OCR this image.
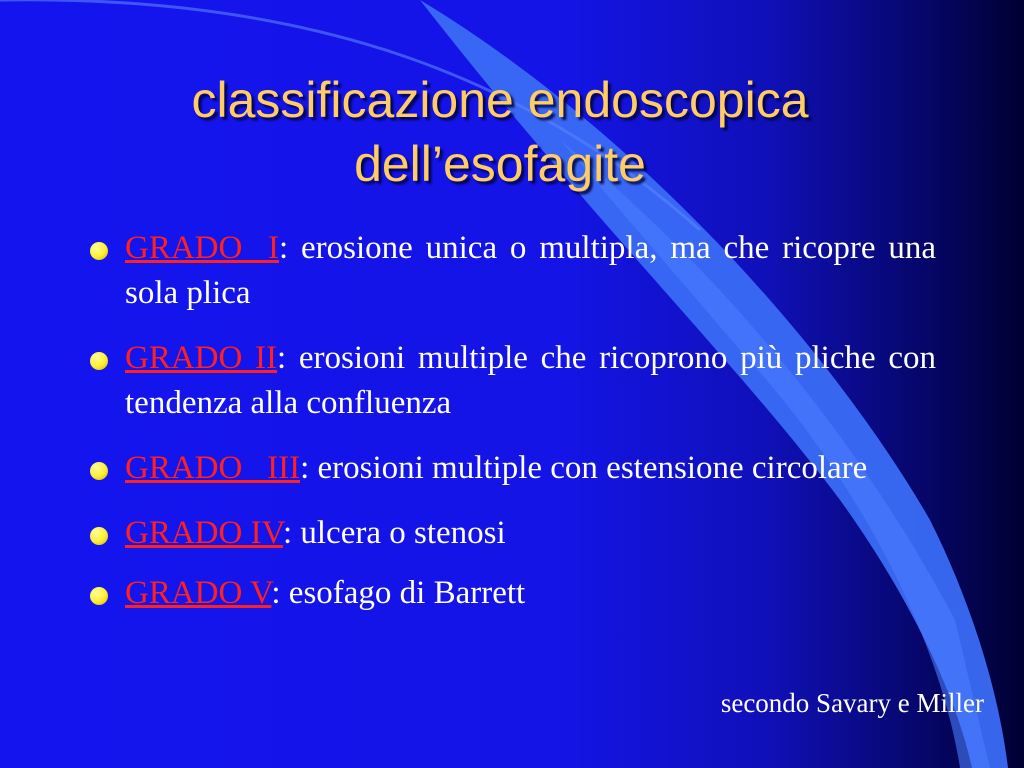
classificazione endoscopica
dell’esofagite
GRADO  I: erosione unica o multipla, ma che ricopre una sola plica
GRADO II: erosioni multiple che ricoprono più pliche con tendenza alla confluenza
GRADO   III: erosioni multiple con estensione circolare
GRADO IV: ulcera o stenosi
GRADO V: esofago di Barrett
secondo Savary e Miller
